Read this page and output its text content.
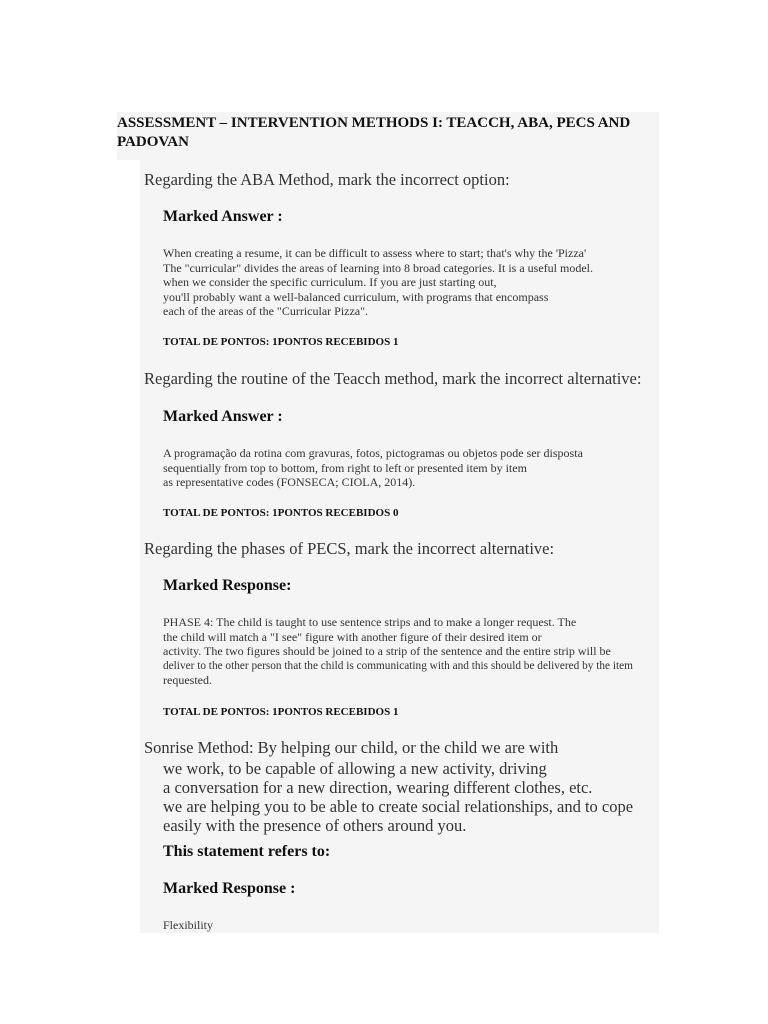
ASSESSMENT – INTERVENTION METHODS I: TEACCH, ABA, PECS AND
PADOVAN
Regarding the ABA Method, mark the incorrect option:
Marked Answer :
When creating a resume, it can be difficult to assess where to start; that's why the 'Pizza'
The "curricular" divides the areas of learning into 8 broad categories. It is a useful model.
when we consider the specific curriculum. If you are just starting out,
you'll probably want a well-balanced curriculum, with programs that encompass
each of the areas of the "Curricular Pizza".
TOTAL DE PONTOS: 1PONTOS RECEBIDOS 1
Regarding the routine of the Teacch method, mark the incorrect alternative:
Marked Answer :
A programação da rotina com gravuras, fotos, pictogramas ou objetos pode ser disposta
sequentially from top to bottom, from right to left or presented item by item
as representative codes (FONSECA; CIOLA, 2014).
TOTAL DE PONTOS: 1PONTOS RECEBIDOS 0
Regarding the phases of PECS, mark the incorrect alternative:
Marked Response:
PHASE 4: The child is taught to use sentence strips and to make a longer request. The
the child will match a "I see" figure with another figure of their desired item or
activity. The two figures should be joined to a strip of the sentence and the entire strip will be
deliver to the other person that the child is communicating with and this should be delivered by the item
requested.
TOTAL DE PONTOS: 1PONTOS RECEBIDOS 1
Sonrise Method: By helping our child, or the child we are with
we work, to be capable of allowing a new activity, driving
a conversation for a new direction, wearing different clothes, etc.
we are helping you to be able to create social relationships, and to cope
easily with the presence of others around you.
This statement refers to:
Marked Response :
Flexibility
